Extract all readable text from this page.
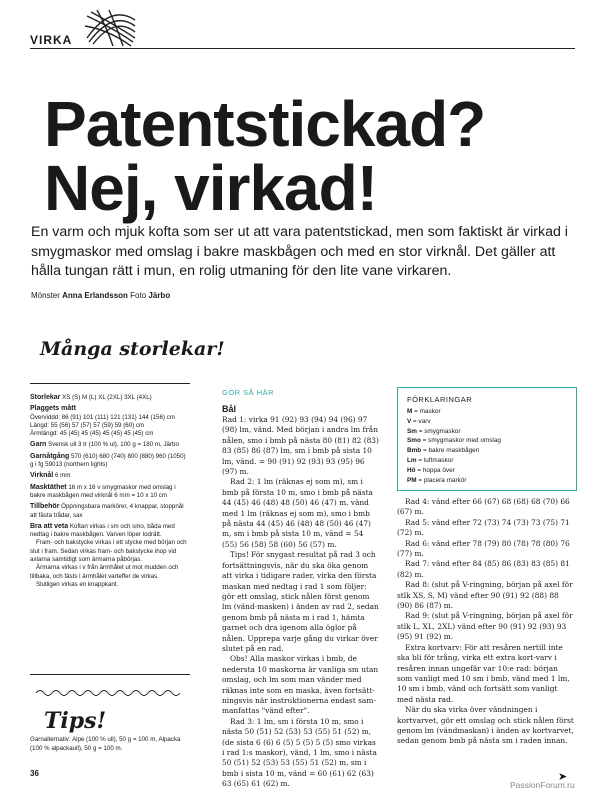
VIRKA
Patentstickad?
Nej, virkad!
En varm och mjuk kofta som ser ut att vara patentstickad, men som faktiskt är virkad i smygmaskor med omslag i bakre maskbågen och med en stor virknål. Det gäller att hålla tungan rätt i mun, en rolig utmaning för den lite vane virkaren.
Mönster Anna Erlandsson Foto Järbo
Många storlekar!
Storlekar XS (S) M (L) XL (2XL) 3XL (4XL)
Plaggets mått
Överviddd: 86 (91) 101 (111) 121 (131) 144 (156) cm
Längd: 55 (56) 57 (57) 57 (59) 59 (60) cm
Ärmlängd: 45 (45) 45 (45) 45 (45) 45 (45) cm
Garn Svensk ull 3 tr (100 % ul), 100 g = 180 m, Järbo
Garnåtgång 570 (610) 680 (740) 800 (880) 960 (1050) g i fg 59013 (northern lights)
Virknål 6 mm
Masktäthet 16 m x 16 v smygmaskor med omslag i bakre maskbågen med virknål 6 mm = 10 x 10 cm
Tillbehör Öppningsbara markörer, 4 knappar, stoppnål att fästa trådar, sax
Bra att veta Koftan virkas i sm och smo, båda med nedtag i bakre maskbågen. Varven löper lodrätt.
Fram- och bakstycke virkas i ett stycke med början och slut i fram. Sedan virkas fram- och bakstycke ihop vid axlarna samtidigt som ärmarna påbörjas.
Ärmarna virkas i v från ärmhålet ut mot mudden och tillbaka, och fästs i ärmhålet varteffer de virkas.
Slutligen virkas en knappkant.
Tips!
Garnalternativ: Alpe (100 % ull), 50 g = 100 m, Alpacka (100 % alpackaull), 50 g = 100 m.
GÖR SÅ HÄR
Bål

Rad 1: virka 91 (92) 93 (94) 94 (96) 97 (98) lm, vänd. Med början i andra lm från nålen, smo i bmb på nästa 80 (81) 82 (83) 83 (85) 86 (87) lm, sm i bmb på sista 10 lm, vänd. = 90 (91) 92 (93) 93 (95) 96 (97) m.

Rad 2: 1 lm (räknas ej som m), sm i bmb på första 10 m, smo i bmb på nästa 44 (45) 46 (48) 48 (50) 46 (47) m, vänd med 1 lm (räknas ej som m), smo i bmb på nästa 44 (45) 46 (48) 48 (50) 46 (47) m, sm i bmb på sista 10 m, vänd = 54 (55) 56 (58) 58 (60) 56 (57) m.

Tips! För snygast resultat på rad 3 och fortsättningsvis, när du ska öka genom att virka i tidigare rader, virka den första maskan med nedtag i rad 1 som följer: gör ett omslag, stick nålen först genom lm (vänd-masken) i änden av rad 2, sedan genom bmb på nästa m i rad 1, hämta garnet och dra igenom alla öglor på nålen. Upprepa varje gång du virkar över slutet på en rad.

Obs! Alla maskor virkas i bmb, de nedersta 10 maskorna är vanliga sm utan omslag, och lm som man vänder med räknas inte som en maska, även fortsätt-ningsvis när instruktionerna endast sam-manfattas "vänd efter".

Rad 3: 1 lm, sm i första 10 m, smo i nästa 50 (51) 52 (53) 53 (55) 51 (52) m, (de sista 6 (6) 6 (5) 5 (5) 5 (5) smo virkas i rad 1:s maskor), vänd, 1 lm, smo i nästa 50 (51) 52 (53) 53 (55) 51 (52) m, sm i bmb i sista 10 m, vänd = 60 (61) 62 (63) 63 (65) 61 (62) m.

FÖRKLARINGAR
M = maskor
V = varv
Sm = smygmaskor
Smo = smygmaskor med omslag
Bmb = bakre maskbågen
Lm = luftmaskor
Hö = hoppa över
PM = placera markör

Rad 4: vänd efter 66 (67) 68 (68) 68 (70) 66 (67) m.

Rad 5: vänd efter 72 (73) 74 (73) 73 (75) 71 (72) m.

Rad 6: vänd efter 78 (79) 80 (78) 78 (80) 76 (77) m.

Rad 7: vänd efter 84 (85) 86 (83) 83 (85) 81 (82) m.

Rad 8: (slut på V-ringning, början på axel för stlk XS, S, M) vänd efter 90 (91) 92 (88) 88 (90) 86 (87) m.

Rad 9: (slut på V-ringning, början på axel för stlk L, XL, 2XL) vänd efter 90 (91) 92 (93) 93 (95) 91 (92) m.

Extra kortvarv: För att resåren nertill inte ska bli för trång, virka ett extra kort-varv i resåren innan ungefär var 10:e rad: början som vanligt med 10 sm i bmb, vänd med 1 lm, 10 sm i bmb, vänd och fortsätt som vanligt med nästa rad.

När du ska virka över vändningen i kortvarvet, gör ett omslag och stick nålen först genom lm (vändmaskan) i änden av kortvarvet, sedan genom bmb på nästa sm i raden innan.

➤
36
PassionForum.ru
